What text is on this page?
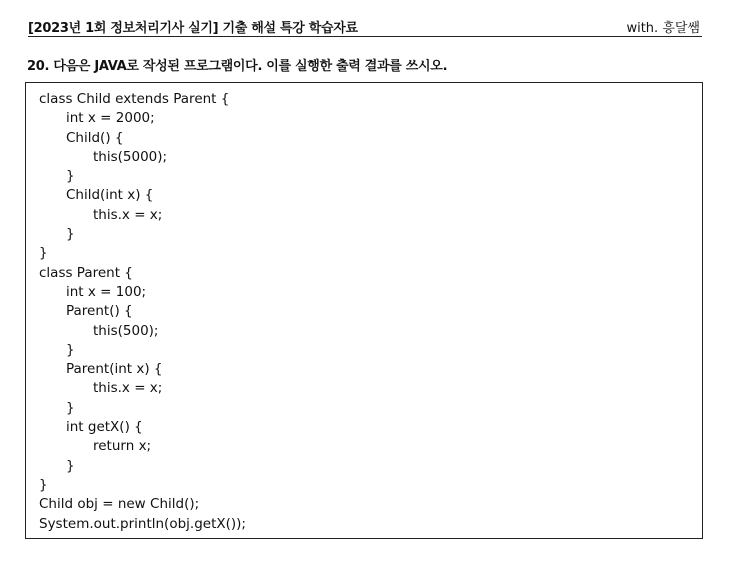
[2023년 1회 정보처리기사 실기] 기출 해설 특강 학습자료	with. 흥달쌤
20. 다음은 JAVA로 작성된 프로그램이다. 이를 실행한 출력 결과를 쓰시오.
class Child extends Parent {
int x = 2000;
Child() {
this(5000);
}
Child(int x) {
this.x = x;
}
}
class Parent {
int x = 100;
Parent() {
this(500);
}
Parent(int x) {
this.x = x;
}
int getX() {
return x;
}
}
Child obj = new Child();
System.out.println(obj.getX());
